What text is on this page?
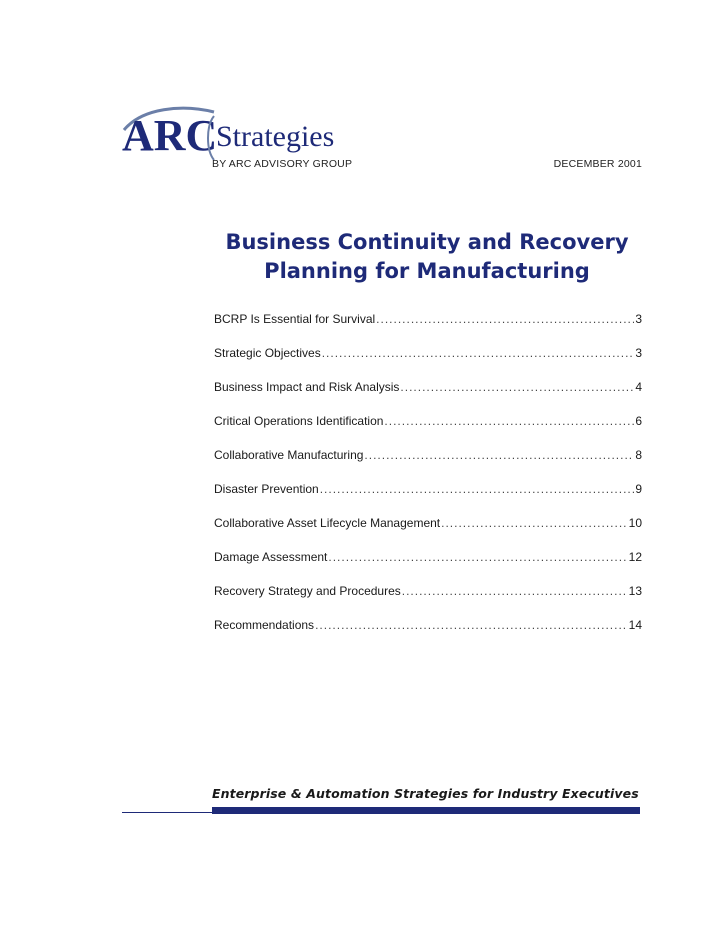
ARC
Strategies
BY ARC ADVISORY GROUP	DECEMBER 2001
Business Continuity and Recovery
Planning for Manufacturing
BCRP Is Essential for Survival .....	3
Strategic Objectives .....	3
Business Impact and Risk Analysis .....	4
Critical Operations Identification .....	6
Collaborative Manufacturing .....	8
Disaster Prevention .....	9
Collaborative Asset Lifecycle Management .....	10
Damage Assessment .....	12
Recovery Strategy and Procedures .....	13
Recommendations .....	14
Enterprise & Automation Strategies for Industry Executives
